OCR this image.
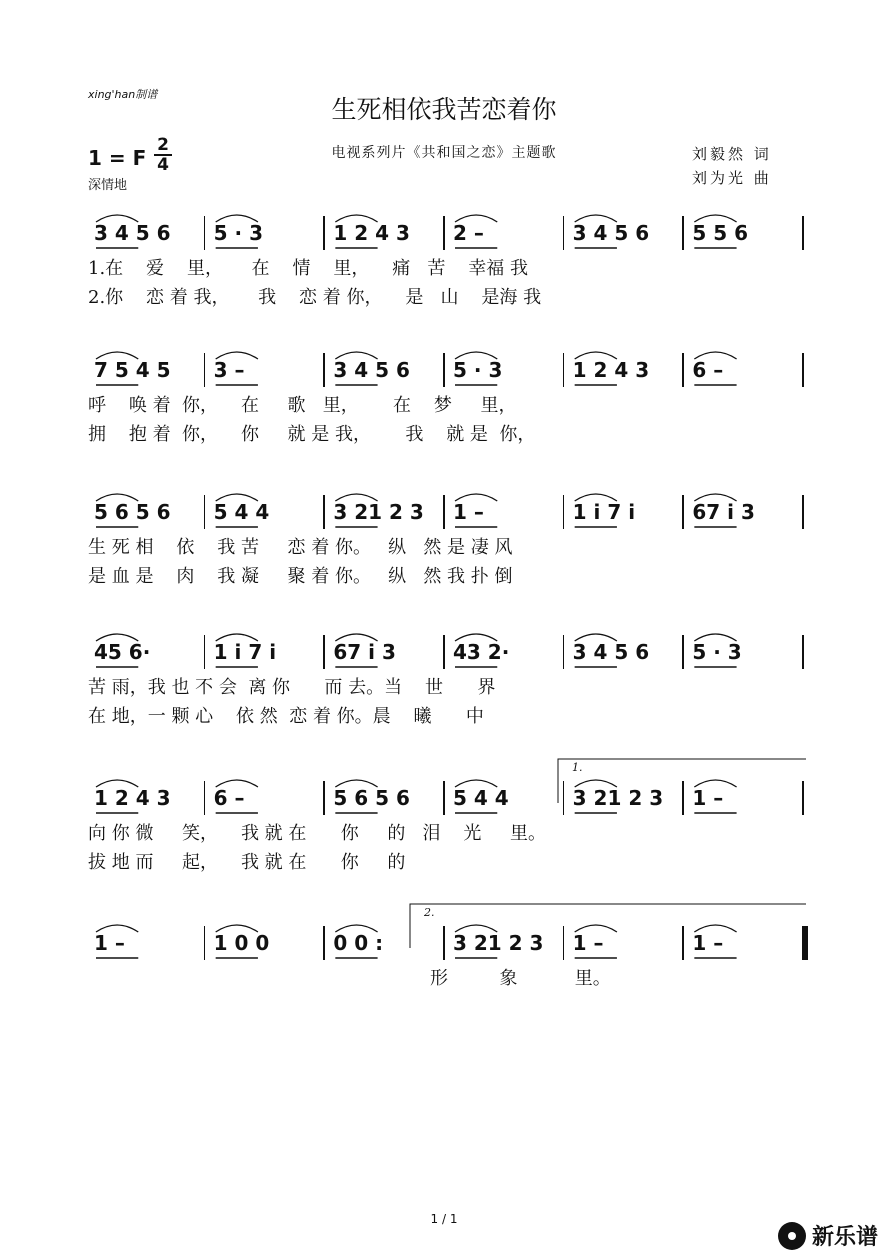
xing'han制谱
生死相依我苦恋着你
1 = F
2
4
深情地
电视系列片《共和国之恋》主题歌	刘毅然 词
刘为光 曲
3 4 5 6	5 · 3	1 2 4 3	2 –	3 4 5 6	5 5 6
1.在    爱    里，     在    情    里，    痛   苦    幸福 我
2.你    恋 着 我，     我    恋 着 你，    是   山    是海 我
7 5 4 5	3 –	3 4 5 6	5 · 3	1 2 4 3	6 –
呼    唤 着  你，    在     歌   里，      在    梦     里，
拥    抱 着  你，    你     就 是 我，      我    就 是  你，
5 6 5 6	5 4 4	3 21 2 3	1 –	1 i 7 i	67 i 3
生 死 相    依    我 苦     恋 着 你。   纵   然 是 凄 风
是 血 是    肉    我 凝     聚 着 你。   纵   然 我 扑 倒
45 6·	1 i 7 i	67 i 3	43 2·	3 4 5 6	5 · 3
苦 雨，我 也 不 会  离 你      而 去。当    世      界
在 地，一 颗 心    依 然  恋 着 你。晨    曦      中
1 2 4 3	6 –	5 6 5 6	5 4 4	3 21 2 3	1 –
向 你 微     笑，    我 就 在      你     的   泪    光     里。
拔 地 而     起，    我 就 在      你     的
1.
1 –	1 0 0	0 0 :	3 21 2 3	1 –	1 –
形         象          里。
2.
1 / 1
新乐谱
